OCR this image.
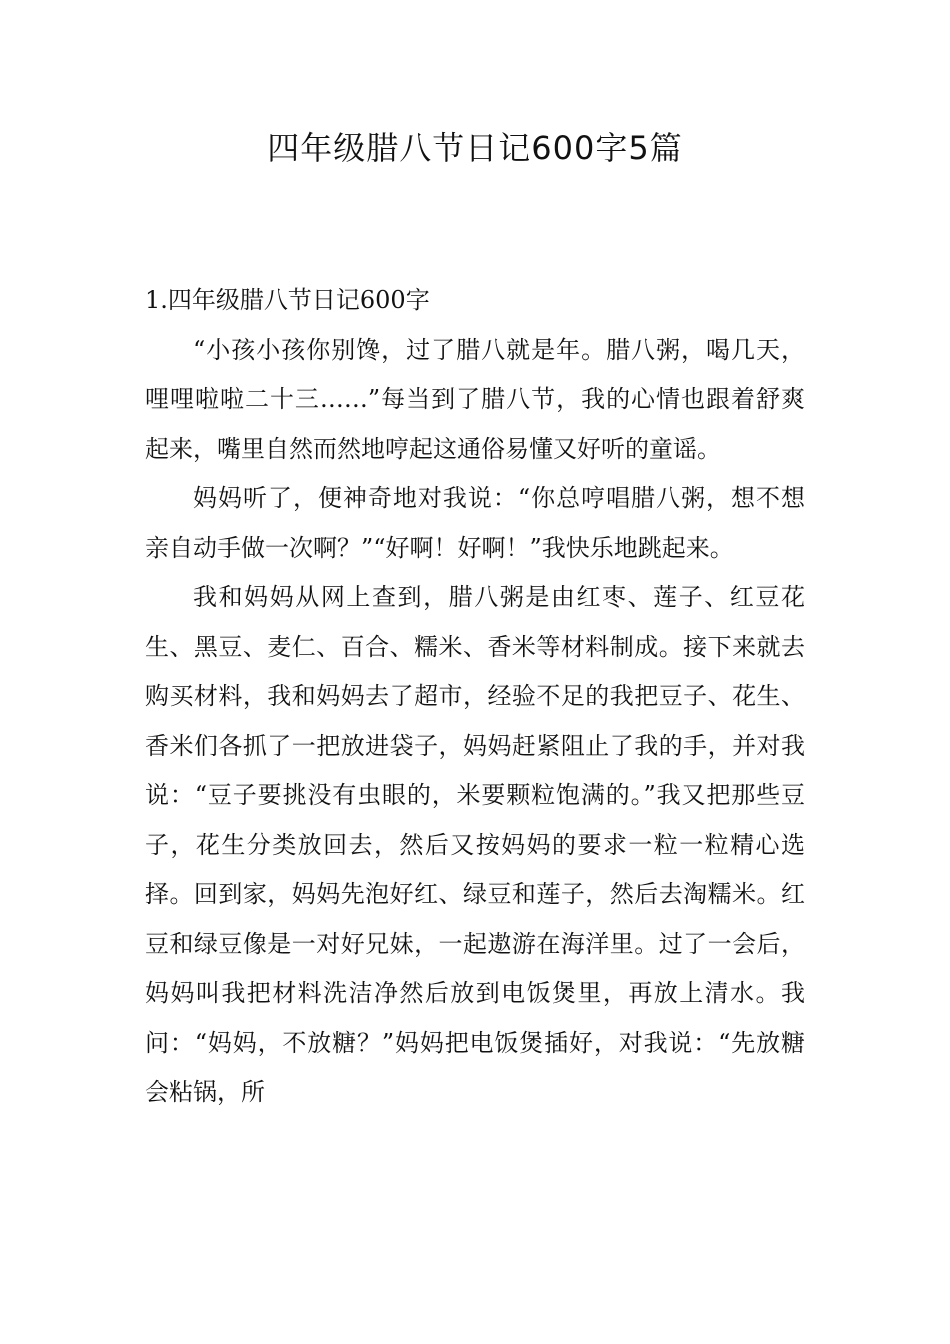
四年级腊八节日记600字5篇
1.四年级腊八节日记600字

“小孩小孩你别馋，过了腊八就是年。腊八粥，喝几天，哩哩啦啦二十三……”每当到了腊八节，我的心情也跟着舒爽起来，嘴里自然而然地哼起这通俗易懂又好听的童谣。

妈妈听了，便神奇地对我说：“你总哼唱腊八粥，想不想亲自动手做一次啊？”“好啊！好啊！”我快乐地跳起来。

我和妈妈从网上查到，腊八粥是由红枣、莲子、红豆花生、黑豆、麦仁、百合、糯米、香米等材料制成。接下来就去购买材料，我和妈妈去了超市，经验不足的我把豆子、花生、香米们各抓了一把放进袋子，妈妈赶紧阻止了我的手，并对我说：“豆子要挑没有虫眼的，米要颗粒饱满的。”我又把那些豆子，花生分类放回去，然后又按妈妈的要求一粒一粒精心选择。回到家，妈妈先泡好红、绿豆和莲子，然后去淘糯米。红豆和绿豆像是一对好兄妹，一起遨游在海洋里。过了一会后，妈妈叫我把材料洗洁净然后放到电饭煲里，再放上清水。我问：“妈妈，不放糖？”妈妈把电饭煲插好，对我说：“先放糖会粘锅，所
